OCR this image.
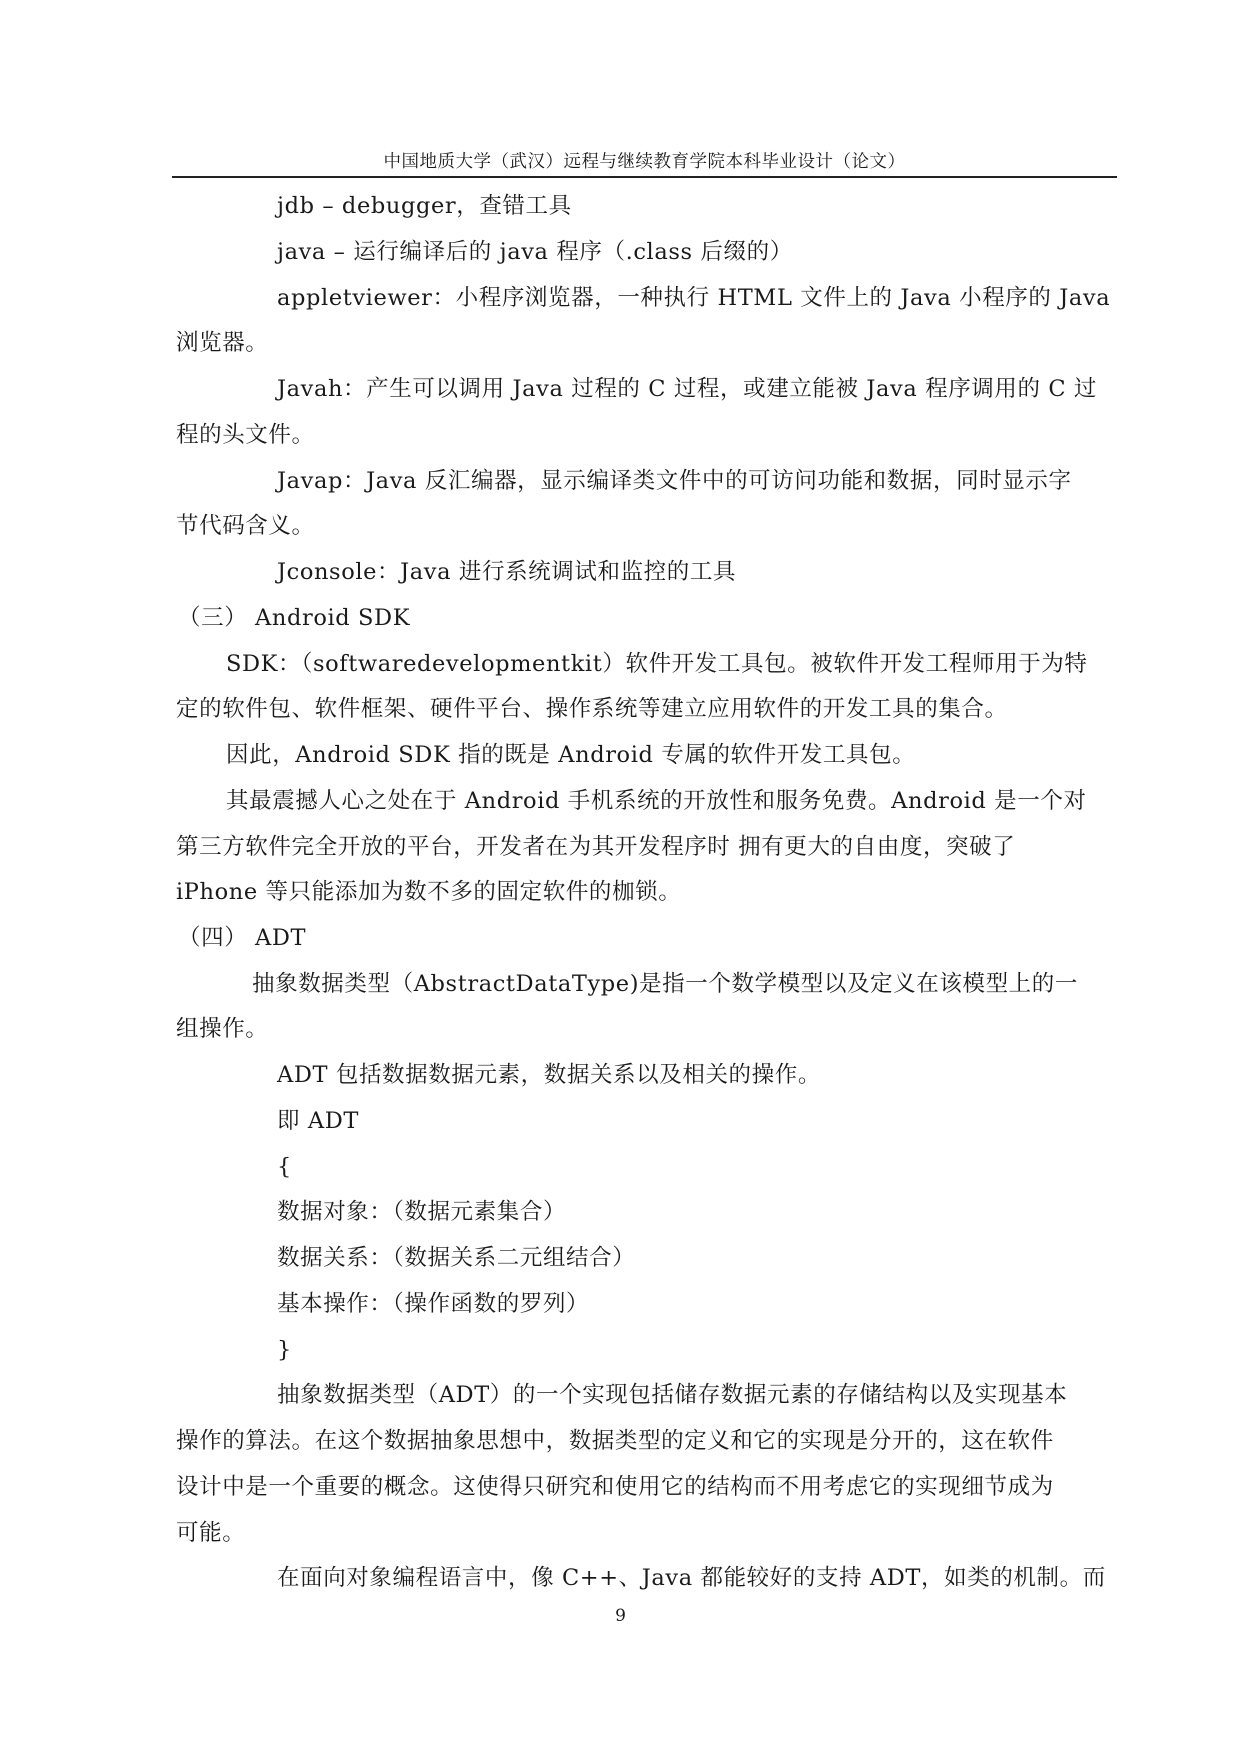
中国地质大学（武汉）远程与继续教育学院本科毕业设计（论文）
jdb – debugger，查错工具
java – 运行编译后的 java 程序（.class 后缀的）
appletviewer：小程序浏览器，一种执行 HTML 文件上的 Java 小程序的 Java
浏览器。
Javah：产生可以调用 Java 过程的 C 过程，或建立能被 Java 程序调用的 C 过
程的头文件。
Javap：Java 反汇编器，显示编译类文件中的可访问功能和数据，同时显示字
节代码含义。
Jconsole：Java 进行系统调试和监控的工具
（三） Android SDK
SDK：（softwaredevelopmentkit）软件开发工具包。被软件开发工程师用于为特
定的软件包、软件框架、硬件平台、操作系统等建立应用软件的开发工具的集合。
因此，Android SDK 指的既是 Android 专属的软件开发工具包。
其最震撼人心之处在于 Android 手机系统的开放性和服务免费。Android 是一个对
第三方软件完全开放的平台，开发者在为其开发程序时 拥有更大的自由度，突破了
iPhone 等只能添加为数不多的固定软件的枷锁。
（四） ADT
抽象数据类型（AbstractDataType)是指一个数学模型以及定义在该模型上的一
组操作。
ADT 包括数据数据元素，数据关系以及相关的操作。
即 ADT
{
数据对象：（数据元素集合）
数据关系：（数据关系二元组结合）
基本操作：（操作函数的罗列）
}
抽象数据类型（ADT）的一个实现包括储存数据元素的存储结构以及实现基本
操作的算法。在这个数据抽象思想中，数据类型的定义和它的实现是分开的，这在软件
设计中是一个重要的概念。这使得只研究和使用它的结构而不用考虑它的实现细节成为
可能。
在面向对象编程语言中，像 C++、Java 都能较好的支持 ADT，如类的机制。而
9
